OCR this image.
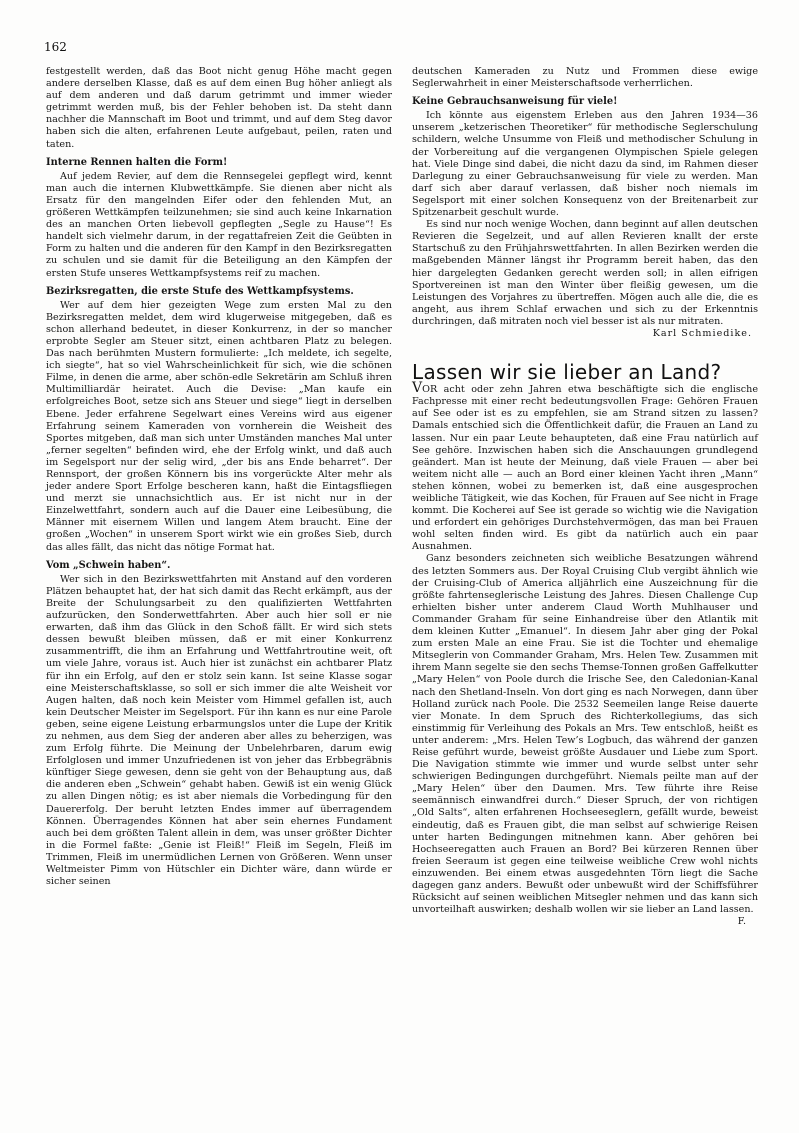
162

festgestellt werden, daß das Boot nicht genug Höhe macht gegen andere derselben Klasse, daß es auf dem einen Bug höher anliegt als auf dem anderen und daß darum getrimmt und immer wieder getrimmt werden muß, bis der Fehler behoben ist. Da steht dann nachher die Mannschaft im Boot und trimmt, und auf dem Steg davor haben sich die alten, erfahrenen Leute aufgebaut, peilen, raten und taten.

Interne Rennen halten die Form!

Auf jedem Revier, auf dem die Rennsegelei gepflegt wird, kennt man auch die internen Klubwettkämpfe. Sie dienen aber nicht als Ersatz für den mangelnden Eifer oder den fehlenden Mut, an größeren Wettkämpfen teilzunehmen; sie sind auch keine Inkarnation des an manchen Orten liebevoll gepflegten „Segle zu Hause“! Es handelt sich vielmehr darum, in der regattafreien Zeit die Geübten in Form zu halten und die anderen für den Kampf in den Bezirksregatten zu schulen und sie damit für die Beteiligung an den Kämpfen der ersten Stufe unseres Wettkampfsystems reif zu machen.

Bezirksregatten, die erste Stufe des Wettkampfsystems.

Wer auf dem hier gezeigten Wege zum ersten Mal zu den Bezirksregatten meldet, dem wird klugerweise mitgegeben, daß es schon allerhand bedeutet, in dieser Konkurrenz, in der so mancher erprobte Segler am Steuer sitzt, einen achtbaren Platz zu belegen. Das nach berühmten Mustern formulierte: „Ich meldete, ich segelte, ich siegte“, hat so viel Wahrscheinlichkeit für sich, wie die schönen Filme, in denen die arme, aber schön-edle Sekretärin am Schluß ihren Multimilliardär heiratet. Auch die Devise: „Man kaufe ein erfolgreiches Boot, setze sich ans Steuer und siege“ liegt in derselben Ebene. Jeder erfahrene Segelwart eines Vereins wird aus eigener Erfahrung seinem Kameraden von vornherein die Weisheit des Sportes mitgeben, daß man sich unter Umständen manches Mal unter „ferner segelten“ befinden wird, ehe der Erfolg winkt, und daß auch im Segelsport nur der selig wird, „der bis ans Ende beharret“. Der Rennsport, der großen Könnern bis ins vorgerückte Alter mehr als jeder andere Sport Erfolge bescheren kann, haßt die Eintagsfliegen und merzt sie unnachsichtlich aus. Er ist nicht nur in der Einzelwettfahrt, sondern auch auf die Dauer eine Leibesübung, die Männer mit eisernem Willen und langem Atem braucht. Eine der großen „Wochen“ in unserem Sport wirkt wie ein großes Sieb, durch das alles fällt, das nicht das nötige Format hat.

Vom „Schwein haben“.

Wer sich in den Bezirkswettfahrten mit Anstand auf den vorderen Plätzen behauptet hat, der hat sich damit das Recht erkämpft, aus der Breite der Schulungsarbeit zu den qualifizierten Wettfahrten aufzurücken, den Sonderwettfahrten. Aber auch hier soll er nie erwarten, daß ihm das Glück in den Schoß fällt. Er wird sich stets dessen bewußt bleiben müssen, daß er mit einer Konkurrenz zusammentrifft, die ihm an Erfahrung und Wettfahrtroutine weit, oft um viele Jahre, voraus ist. Auch hier ist zunächst ein achtbarer Platz für ihn ein Erfolg, auf den er stolz sein kann. Ist seine Klasse sogar eine Meisterschaftsklasse, so soll er sich immer die alte Weisheit vor Augen halten, daß noch kein Meister vom Himmel gefallen ist, auch kein Deutscher Meister im Segelsport. Für ihn kann es nur eine Parole geben, seine eigene Leistung erbarmungslos unter die Lupe der Kritik zu nehmen, aus dem Sieg der anderen aber alles zu beherzigen, was zum Erfolg führte. Die Meinung der Unbelehrbaren, darum ewig Erfolglosen und immer Unzufriedenen ist von jeher das Erbbegräbnis künftiger Siege gewesen, denn sie geht von der Behauptung aus, daß die anderen eben „Schwein“ gehabt haben. Gewiß ist ein wenig Glück zu allen Dingen nötig; es ist aber niemals die Vorbedingung für den Dauererfolg. Der beruht letzten Endes immer auf überragendem Können. Überragendes Können hat aber sein ehernes Fundament auch bei dem größten Talent allein in dem, was unser größter Dichter in die Formel faßte: „Genie ist Fleiß!“ Fleiß im Segeln, Fleiß im Trimmen, Fleiß im unermüdlichen Lernen von Größeren. Wenn unser Weltmeister Pimm von Hütschler ein Dichter wäre, dann würde er sicher seinen

deutschen Kameraden zu Nutz und Frommen diese ewige Seglerwahrheit in einer Meisterschaftsode verherrlichen.

Keine Gebrauchsanweisung für viele!

Ich könnte aus eigenstem Erleben aus den Jahren 1934—36 unserem „ketzerischen Theoretiker“ für methodische Seglerschulung schildern, welche Unsumme von Fleiß und methodischer Schulung in der Vorbereitung auf die vergangenen Olympischen Spiele gelegen hat. Viele Dinge sind dabei, die nicht dazu da sind, im Rahmen dieser Darlegung zu einer Gebrauchsanweisung für viele zu werden. Man darf sich aber darauf verlassen, daß bisher noch niemals im Segelsport mit einer solchen Konsequenz von der Breitenarbeit zur Spitzenarbeit geschult wurde.

Es sind nur noch wenige Wochen, dann beginnt auf allen deutschen Revieren die Segelzeit, und auf allen Revieren knallt der erste Startschuß zu den Frühjahrswettfahrten. In allen Bezirken werden die maßgebenden Männer längst ihr Programm bereit haben, das den hier dargelegten Gedanken gerecht werden soll; in allen eifrigen Sportvereinen ist man den Winter über fleißig gewesen, um die Leistungen des Vorjahres zu übertreffen. Mögen auch alle die, die es angeht, aus ihrem Schlaf erwachen und sich zu der Erkenntnis durchringen, daß mitraten noch viel besser ist als nur mitraten.

Karl Schmiedike.
Lassen wir sie lieber an Land?

VOR acht oder zehn Jahren etwa beschäftigte sich die englische Fachpresse mit einer recht bedeutungsvollen Frage: Gehören Frauen auf See oder ist es zu empfehlen, sie am Strand sitzen zu lassen? Damals entschied sich die Öffentlichkeit dafür, die Frauen an Land zu lassen. Nur ein paar Leute behaupteten, daß eine Frau natürlich auf See gehöre. Inzwischen haben sich die Anschauungen grundlegend geändert. Man ist heute der Meinung, daß viele Frauen — aber bei weitem nicht alle — auch an Bord einer kleinen Yacht ihren „Mann“ stehen können, wobei zu bemerken ist, daß eine ausgesprochen weibliche Tätigkeit, wie das Kochen, für Frauen auf See nicht in Frage kommt. Die Kocherei auf See ist gerade so wichtig wie die Navigation und erfordert ein gehöriges Durchstehvermögen, das man bei Frauen wohl selten finden wird. Es gibt da natürlich auch ein paar Ausnahmen.

Ganz besonders zeichneten sich weibliche Besatzungen während des letzten Sommers aus. Der Royal Cruising Club vergibt ähnlich wie der Cruising-Club of America alljährlich eine Auszeichnung für die größte fahrtenseglerische Leistung des Jahres. Diesen Challenge Cup erhielten bisher unter anderem Claud Worth Muhlhauser und Commander Graham für seine Einhandreise über den Atlantik mit dem kleinen Kutter „Emanuel“. In diesem Jahr aber ging der Pokal zum ersten Male an eine Frau. Sie ist die Tochter und ehemalige Mitseglerin von Commander Graham, Mrs. Helen Tew. Zusammen mit ihrem Mann segelte sie den sechs Themse-Tonnen großen Gaffelkutter „Mary Helen“ von Poole durch die Irische See, den Caledonian-Kanal nach den Shetland-Inseln. Von dort ging es nach Norwegen, dann über Holland zurück nach Poole. Die 2532 Seemeilen lange Reise dauerte vier Monate. In dem Spruch des Richterkollegiums, das sich einstimmig für Verleihung des Pokals an Mrs. Tew entschloß, heißt es unter anderem: „Mrs. Helen Tew’s Logbuch, das während der ganzen Reise geführt wurde, beweist größte Ausdauer und Liebe zum Sport. Die Navigation stimmte wie immer und wurde selbst unter sehr schwierigen Bedingungen durchgeführt. Niemals peilte man auf der „Mary Helen“ über den Daumen. Mrs. Tew führte ihre Reise seemännisch einwandfrei durch.“ Dieser Spruch, der von richtigen „Old Salts“, alten erfahrenen Hochseeseglern, gefällt wurde, beweist eindeutig, daß es Frauen gibt, die man selbst auf schwierige Reisen unter harten Bedingungen mitnehmen kann. Aber gehören bei Hochseeregatten auch Frauen an Bord? Bei kürzeren Rennen über freien Seeraum ist gegen eine teilweise weibliche Crew wohl nichts einzuwenden. Bei einem etwas ausgedehnten Törn liegt die Sache dagegen ganz anders. Bewußt oder unbewußt wird der Schiffsführer Rücksicht auf seinen weiblichen Mitsegler nehmen und das kann sich unvorteilhaft auswirken; deshalb wollen wir sie lieber an Land lassen.

F.
